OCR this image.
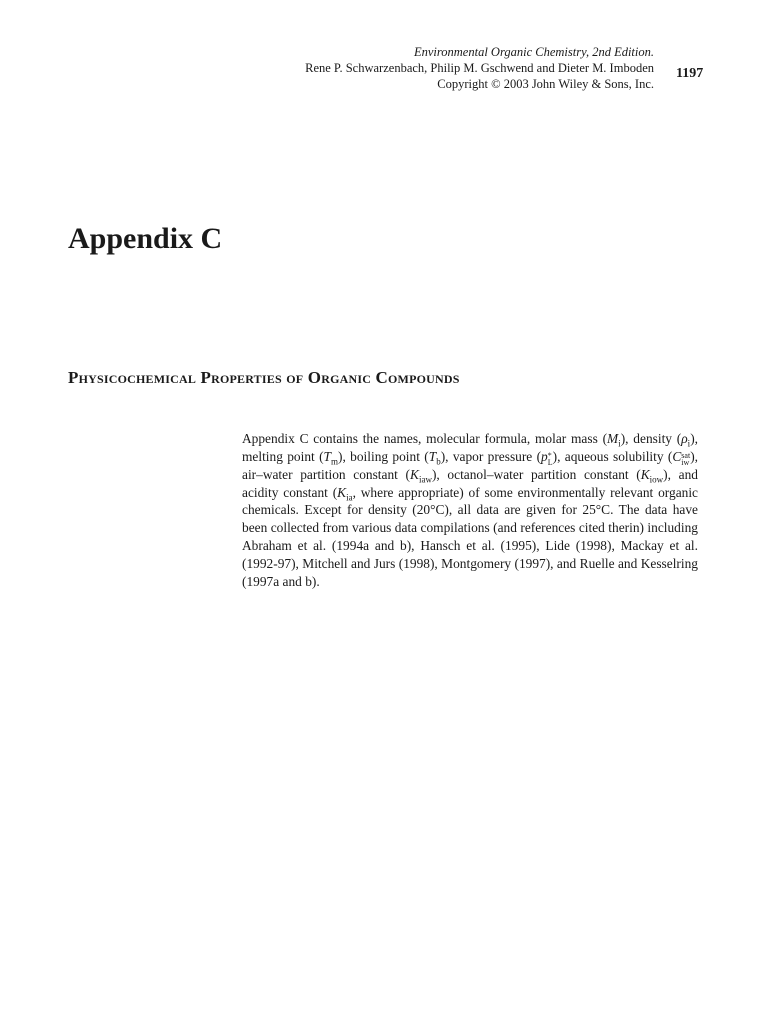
Environmental Organic Chemistry, 2nd Edition.
Rene P. Schwarzenbach, Philip M. Gschwend and Dieter M. Imboden
Copyright © 2003 John Wiley & Sons, Inc.
1197
Appendix C
Physicochemical Properties of Organic Compounds

Appendix C contains the names, molecular formula, molar mass $(M_i)$, density $(\rho_i)$, melting point $(T_m)$, boiling point $(T_b)$, vapor pressure (p *
L ), aqueous solubility (C sat
iw ), air–water partition constant $(K_{iaw})$, octanol–water partition constant $(K_{iow})$, and acidity constant ($K_{ia}$, where appropriate) of some environmentally relevant organic chemicals. Except for density (20°C), all data are given for 25°C. The data have been collected from various data compilations (and references cited therin) including Abraham et al. (1994a and b), Hansch et al. (1995), Lide (1998), Mackay et al. (1992-97), Mitchell and Jurs (1998), Montgomery (1997), and Ruelle and Kesselring (1997a and b).
